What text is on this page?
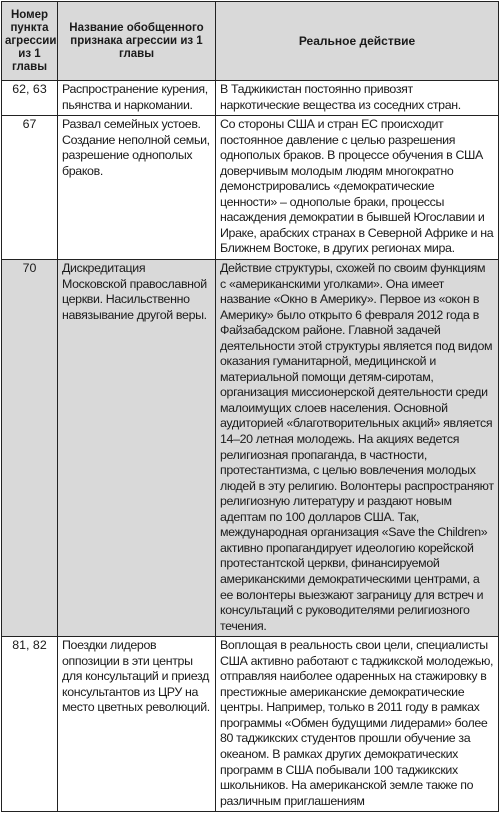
Номер пункта агрессии из 1 главы	Название обобщенного признака агрессии из 1 главы	Реальное действие
62, 63	Распространение курения, пьянства и наркомании.	В Таджикистан постоянно привозят наркотические вещества из соседних стран.
67	Развал семейных устоев. Создание неполной семьи, разрешение однополых браков.	Со стороны США и стран ЕС происходит постоянное давление с целью разрешения однополых браков. В процессе обучения в США доверчивым молодым людям многократно демонстрировались «демократические ценности» – однополые браки, процессы насаждения демократии в бывшей Югославии и Ираке, арабских странах в Северной Африке и на Ближнем Востоке, в других регионах мира.
70	Дискредитация Московской православной церкви. Насильственно навязывание другой веры.	Действие структуры, схожей по своим функциям с «американскими уголками». Она имеет название «Окно в Америку». Первое из «окон в Америку» было открыто 6 февраля 2012 года в Файзабадском районе. Главной задачей деятельности этой структуры является под видом оказания гуманитарной, медицинской и материальной помощи детям-сиротам, организация миссионерской деятельности среди малоимущих слоев населения. Основной аудиторией «благотворительных акций» является 14–20 летная молодежь. На акциях ведется религиозная пропаганда, в частности, протестантизма, с целью вовлечения молодых людей в эту религию. Волонтеры распространяют религиозную литературу и раздают новым адептам по 100 долларов США. Так, международная организация «Save the Children» активно пропагандирует идеологию корейской протестантской церкви, финансируемой американскими демократическими центрами, а ее волонтеры выезжают заграницу для встреч и консультаций с руководителями религиозного течения.
81, 82	Поездки лидеров оппозиции в эти центры для консультаций и приезд консультантов из ЦРУ на место цветных революций.	Воплощая в реальность свои цели, специалисты США активно работают с таджикской молодежью, отправляя наиболее одаренных на стажировку в престижные американские демократические центры. Например, только в 2011 году в рамках программы «Обмен будущими лидерами» более 80 таджикских студентов прошли обучение за океаном. В рамках других демократических программ в США побывали 100 таджикских школьников. На американской земле также по различным приглашениям
